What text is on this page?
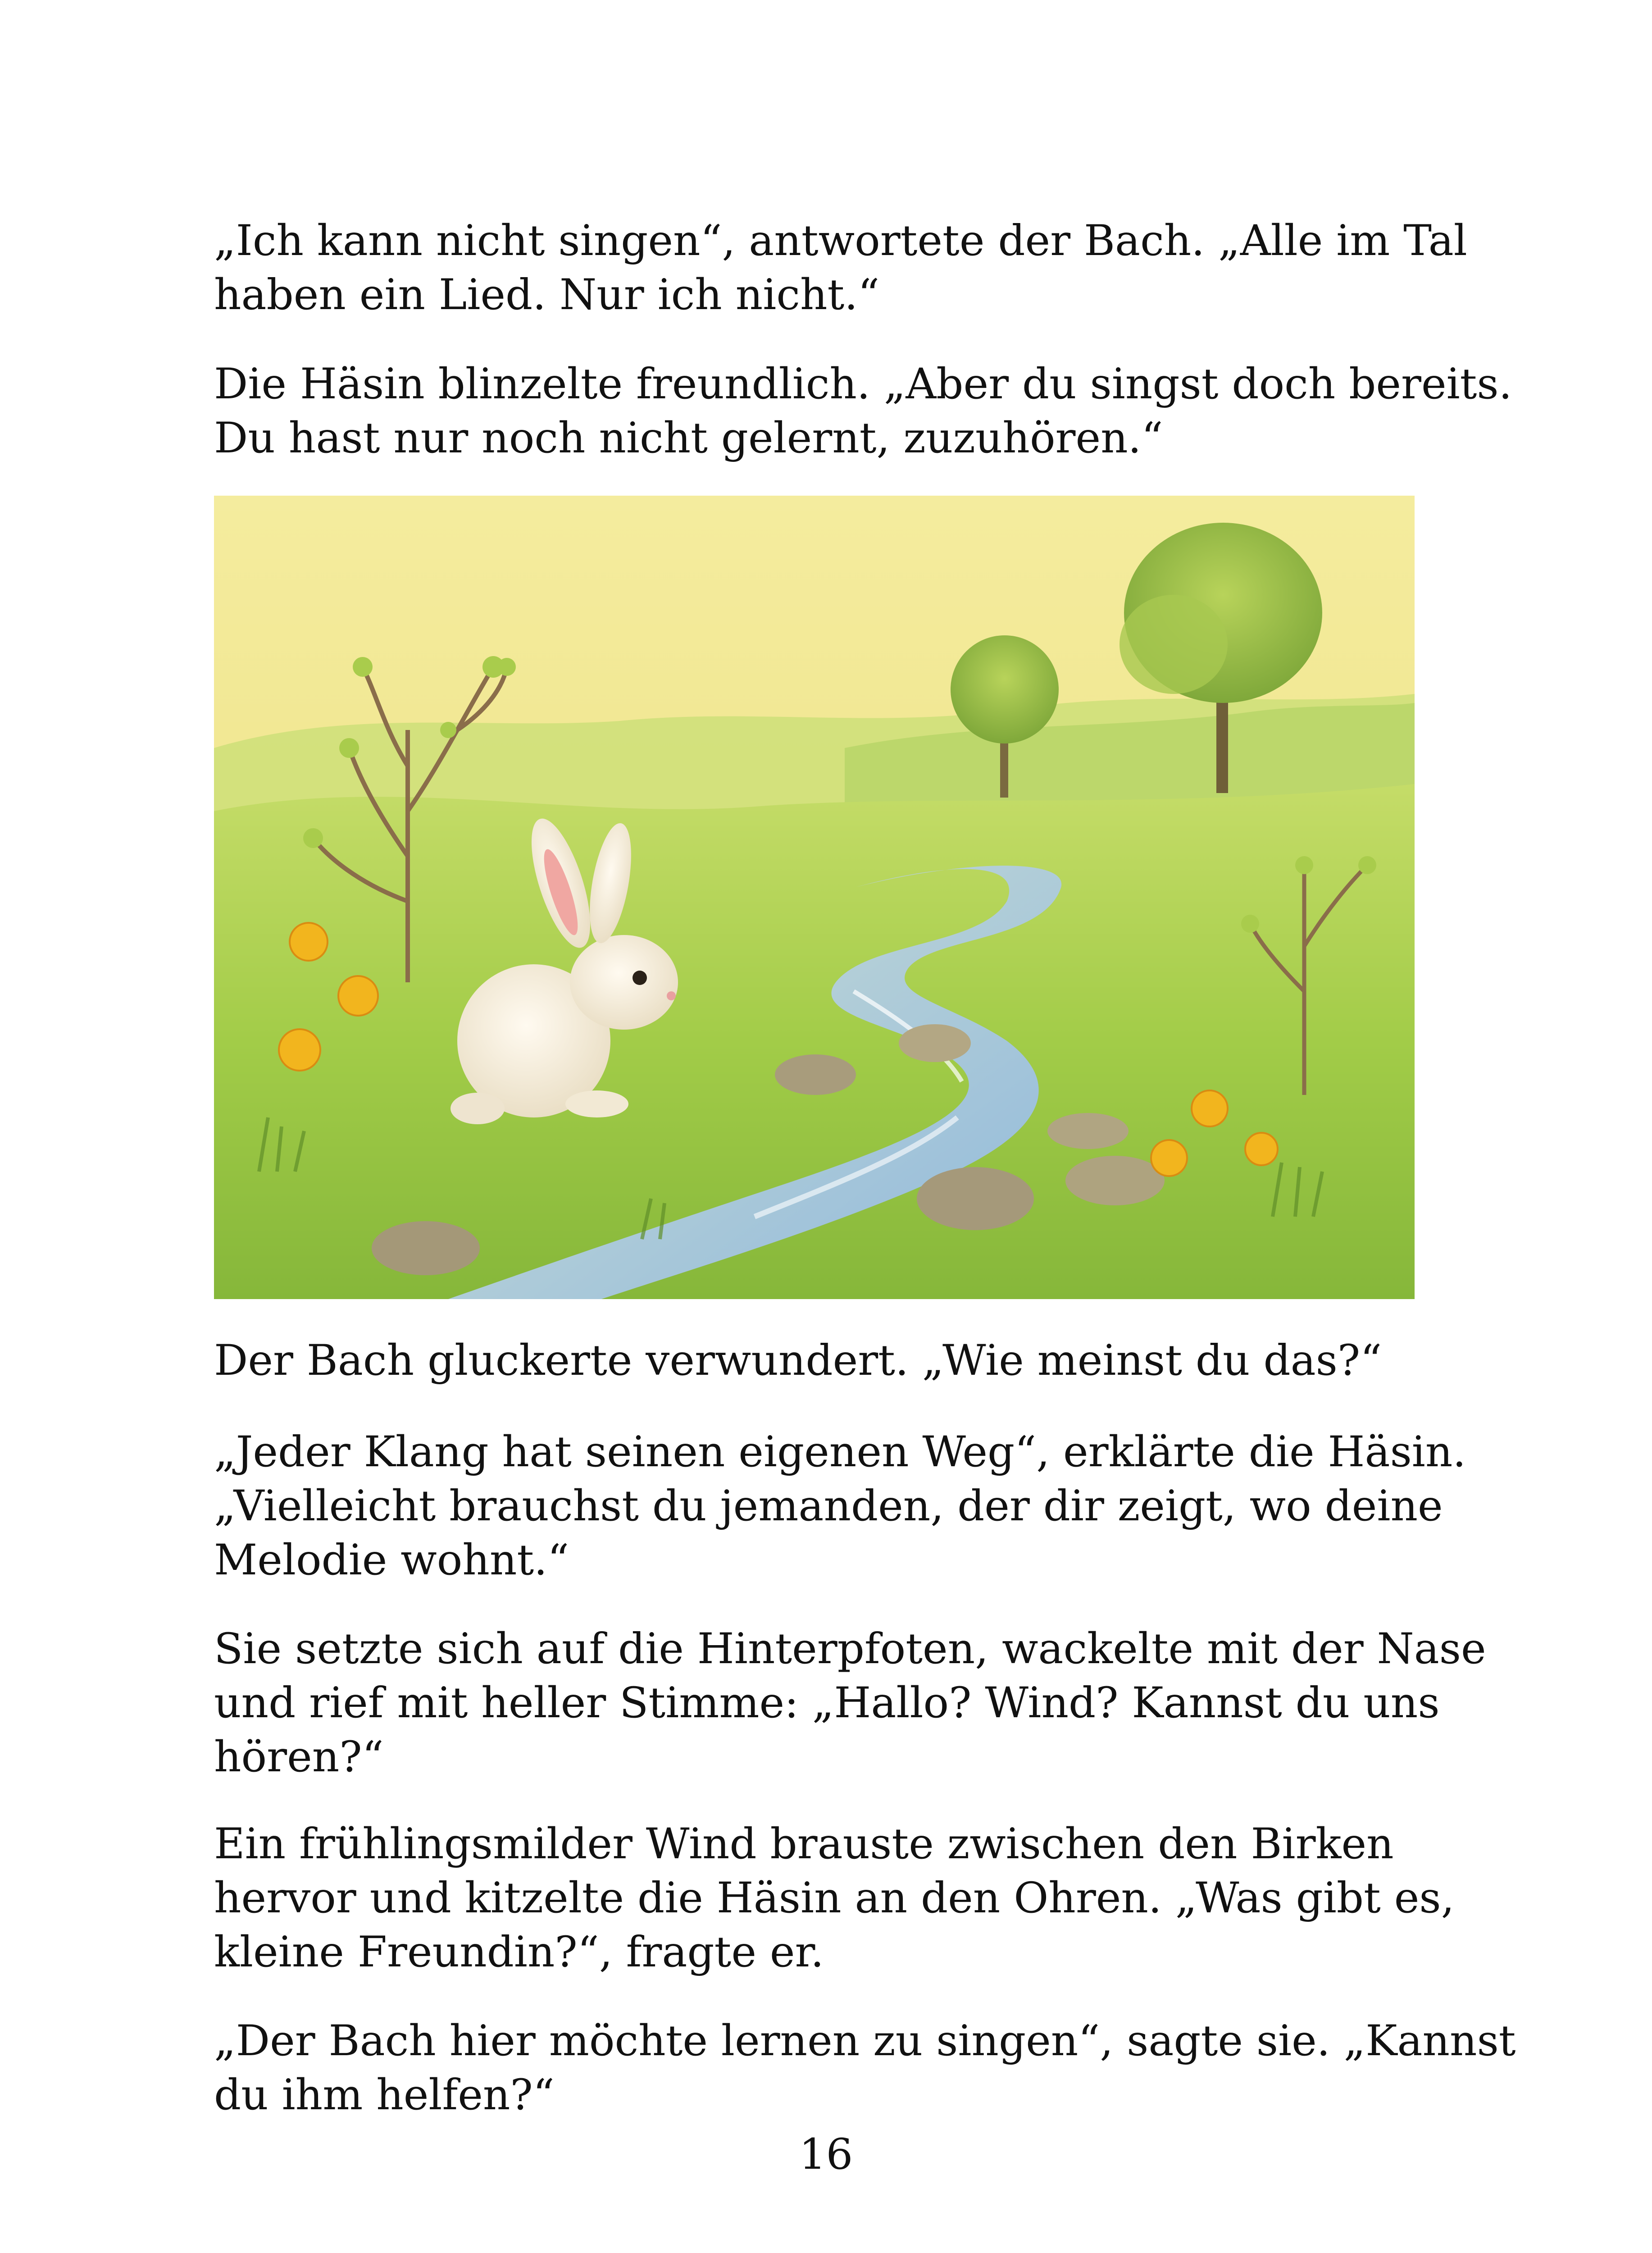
„Ich kann nicht singen“, antwortete der Bach. „Alle im Tal
haben ein Lied. Nur ich nicht.“

Die Häsin blinzelte freundlich. „Aber du singst doch bereits.
Du hast nur noch nicht gelernt, zuzuhören.“

Der Bach gluckerte verwundert. „Wie meinst du das?“

„Jeder Klang hat seinen eigenen Weg“, erklärte die Häsin.
„Vielleicht brauchst du jemanden, der dir zeigt, wo deine
Melodie wohnt.“

Sie setzte sich auf die Hinterpfoten, wackelte mit der Nase
und rief mit heller Stimme: „Hallo? Wind? Kannst du uns
hören?“

Ein frühlingsmilder Wind brauste zwischen den Birken
hervor und kitzelte die Häsin an den Ohren. „Was gibt es,
kleine Freundin?“, fragte er.

„Der Bach hier möchte lernen zu singen“, sagte sie. „Kannst
du ihm helfen?“

16
